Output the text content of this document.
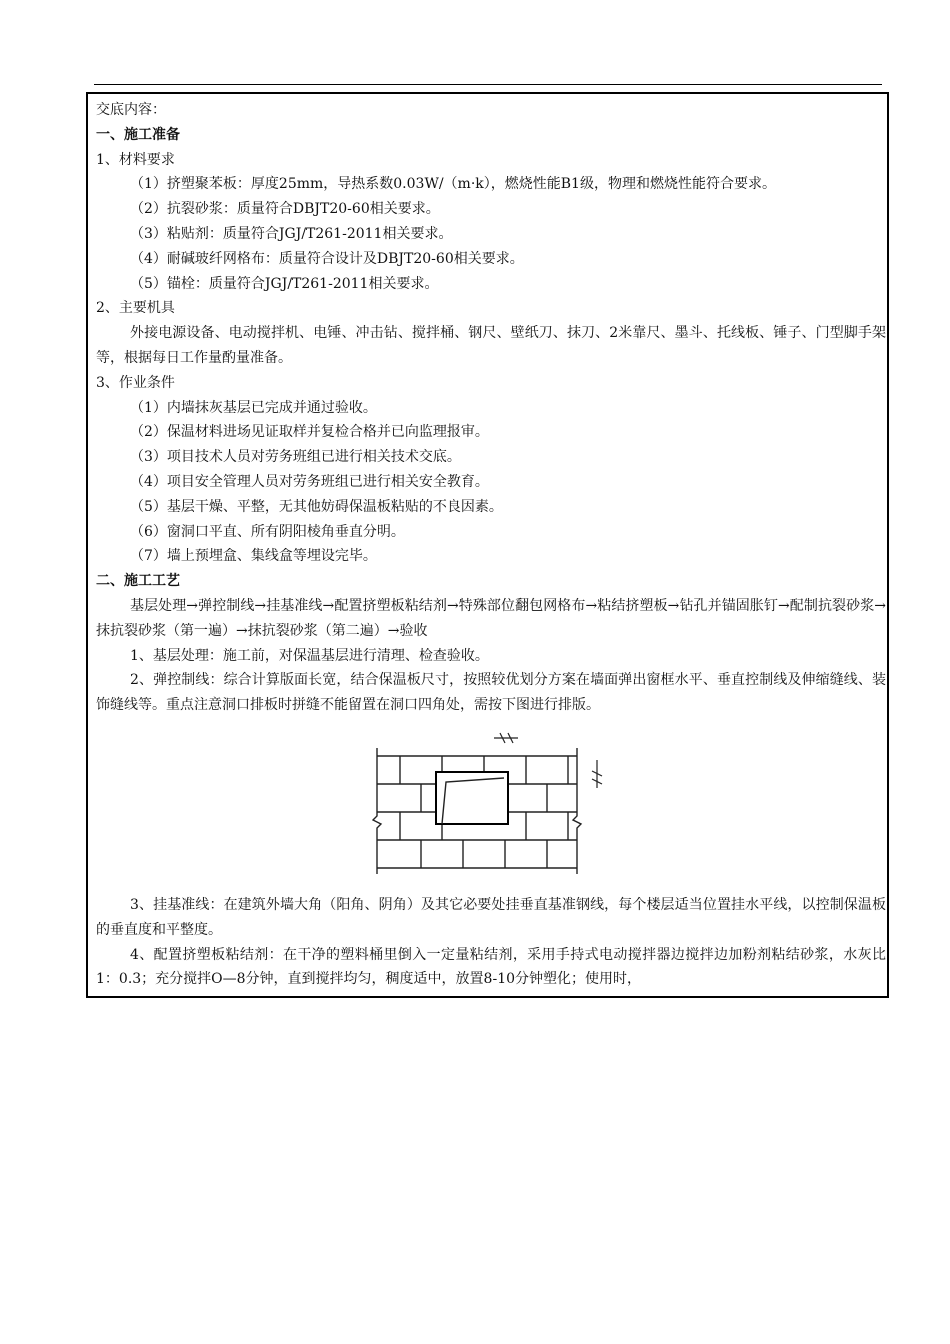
交底内容：
一、施工准备
1、材料要求
（1）挤塑聚苯板：厚度25mm，导热系数0.03W/（m·k），燃烧性能B1级，物理和燃烧性能符合要求。
（2）抗裂砂浆：质量符合DBJT20-60相关要求。
（3）粘贴剂：质量符合JGJ/T261-2011相关要求。
（4）耐碱玻纤网格布：质量符合设计及DBJT20-60相关要求。
（5）锚栓：质量符合JGJ/T261-2011相关要求。
2、主要机具
外接电源设备、电动搅拌机、电锤、冲击钻、搅拌桶、钢尺、壁纸刀、抹刀、2米靠尺、墨斗、托线板、锤子、门型脚手架等，根据每日工作量酌量准备。
3、作业条件
（1）内墙抹灰基层已完成并通过验收。
（2）保温材料进场见证取样并复检合格并已向监理报审。
（3）项目技术人员对劳务班组已进行相关技术交底。
（4）项目安全管理人员对劳务班组已进行相关安全教育。
（5）基层干燥、平整，无其他妨碍保温板粘贴的不良因素。
（6）窗洞口平直、所有阴阳棱角垂直分明。
（7）墙上预埋盒、集线盒等埋设完毕。
二、施工工艺
基层处理→弹控制线→挂基准线→配置挤塑板粘结剂→特殊部位翻包网格布→粘结挤塑板→钻孔并锚固胀钉→配制抗裂砂浆→抹抗裂砂浆（第一遍）→抹抗裂砂浆（第二遍）→验收
1、基层处理：施工前，对保温基层进行清理、检查验收。
2、弹控制线：综合计算版面长宽，结合保温板尺寸，按照较优划分方案在墙面弹出窗框水平、垂直控制线及伸缩缝线、装饰缝线等。重点注意洞口排板时拼缝不能留置在洞口四角处，需按下图进行排版。
3、挂基准线：在建筑外墙大角（阳角、阴角）及其它必要处挂垂直基准钢线，每个楼层适当位置挂水平线，以控制保温板的垂直度和平整度。
4、配置挤塑板粘结剂：在干净的塑料桶里倒入一定量粘结剂，采用手持式电动搅拌器边搅拌边加粉剂粘结砂浆，水灰比1：0.3；充分搅拌O—8分钟，直到搅拌均匀，稠度适中，放置8-10分钟塑化；使用时，
